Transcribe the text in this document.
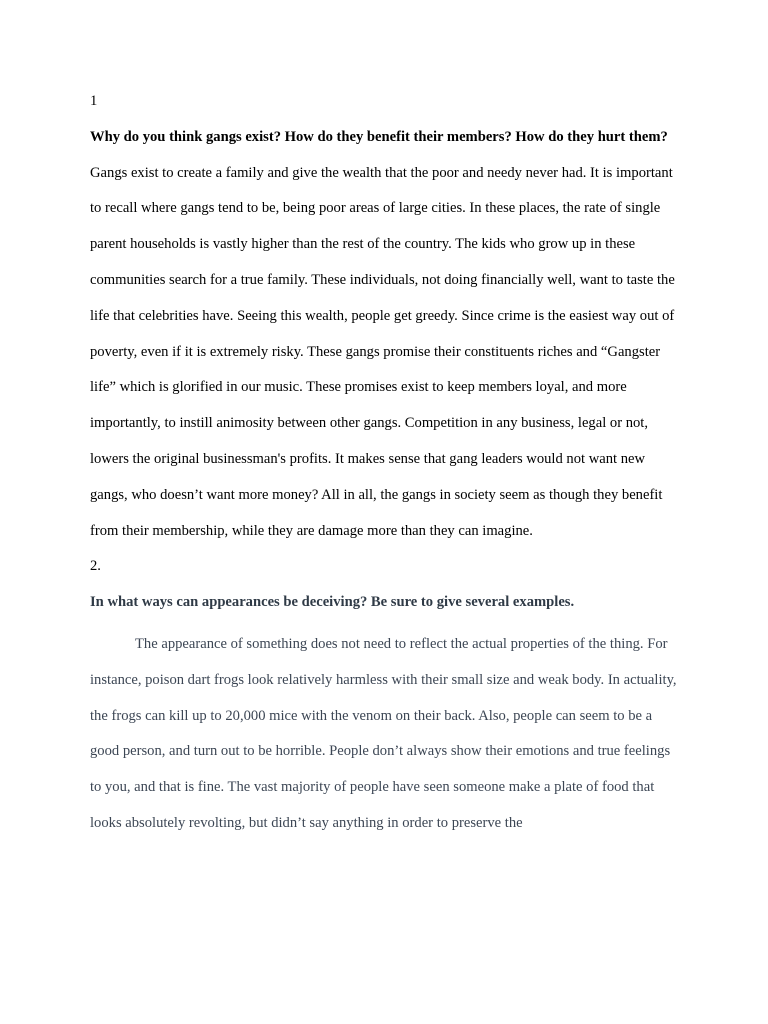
1

Why do you think gangs exist? How do they benefit their members? How do they hurt them?

Gangs exist to create a family and give the wealth that the poor and needy never had. It is important to recall where gangs tend to be, being poor areas of large cities. In these places, the rate of single parent households is vastly higher than the rest of the country. The kids who grow up in these communities search for a true family. These individuals, not doing financially well, want to taste the life that celebrities have. Seeing this wealth, people get greedy. Since crime is the easiest way out of poverty, even if it is extremely risky. These gangs promise their constituents riches and “Gangster life” which is glorified in our music. These promises exist to keep members loyal, and more importantly, to instill animosity between other gangs. Competition in any business, legal or not, lowers the original businessman's profits. It makes sense that gang leaders would not want new gangs, who doesn’t want more money? All in all, the gangs in society seem as though they benefit from their membership, while they are damage more than they can imagine.

2.

In what ways can appearances be deceiving? Be sure to give several examples.

The appearance of something does not need to reflect the actual properties of the thing. For instance, poison dart frogs look relatively harmless with their small size and weak body. In actuality, the frogs can kill up to 20,000 mice with the venom on their back. Also, people can seem to be a good person, and turn out to be horrible. People don’t always show their emotions and true feelings to you, and that is fine. The vast majority of people have seen someone make a plate of food that looks absolutely revolting, but didn’t say anything in order to preserve the
